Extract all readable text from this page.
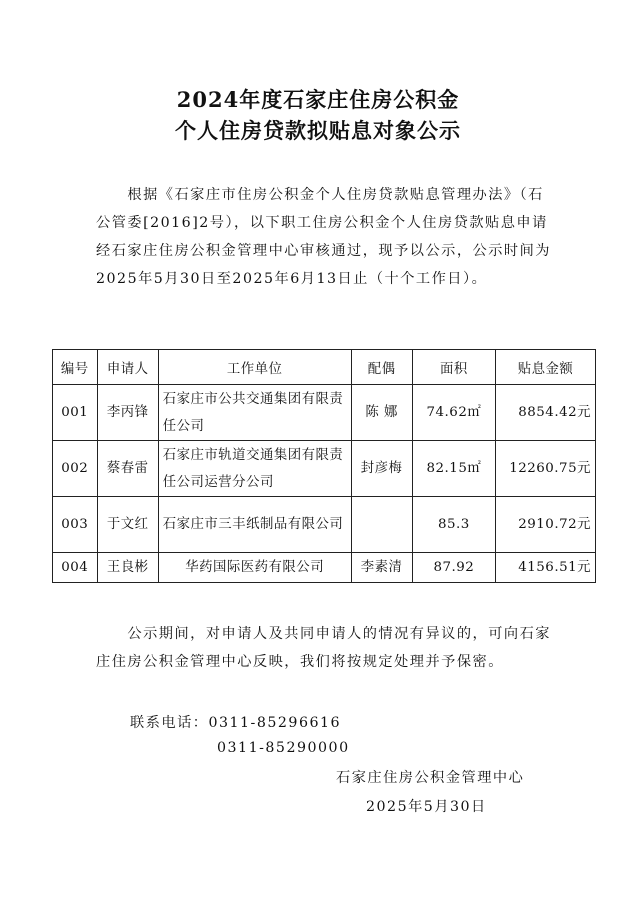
2024年度石家庄住房公积金
个人住房贷款拟贴息对象公示
　　根据《石家庄市住房公积金个人住房贷款贴息管理办法》（石公管委[2016]2号），以下职工住房公积金个人住房贷款贴息申请经石家庄住房公积金管理中心审核通过，现予以公示，公示时间为2025年5月30日至2025年6月13日止（十个工作日）。
编号	申请人	工作单位	配偶	面积	贴息金额
001	李丙锋	石家庄市公共交通集团有限责任公司	陈 娜	74.62㎡	8854.42元
002	蔡春雷	石家庄市轨道交通集团有限责任公司运营分公司	封彦梅	82.15㎡	12260.75元
003	于文红	石家庄市三丰纸制品有限公司		85.3	2910.72元
004	王良彬	华药国际医药有限公司	李素清	87.92	4156.51元
　　公示期间，对申请人及共同申请人的情况有异议的，可向石家庄住房公积金管理中心反映，我们将按规定处理并予保密。
联系电话：0311-85296616
0311-85290000
石家庄住房公积金管理中心
2025年5月30日
